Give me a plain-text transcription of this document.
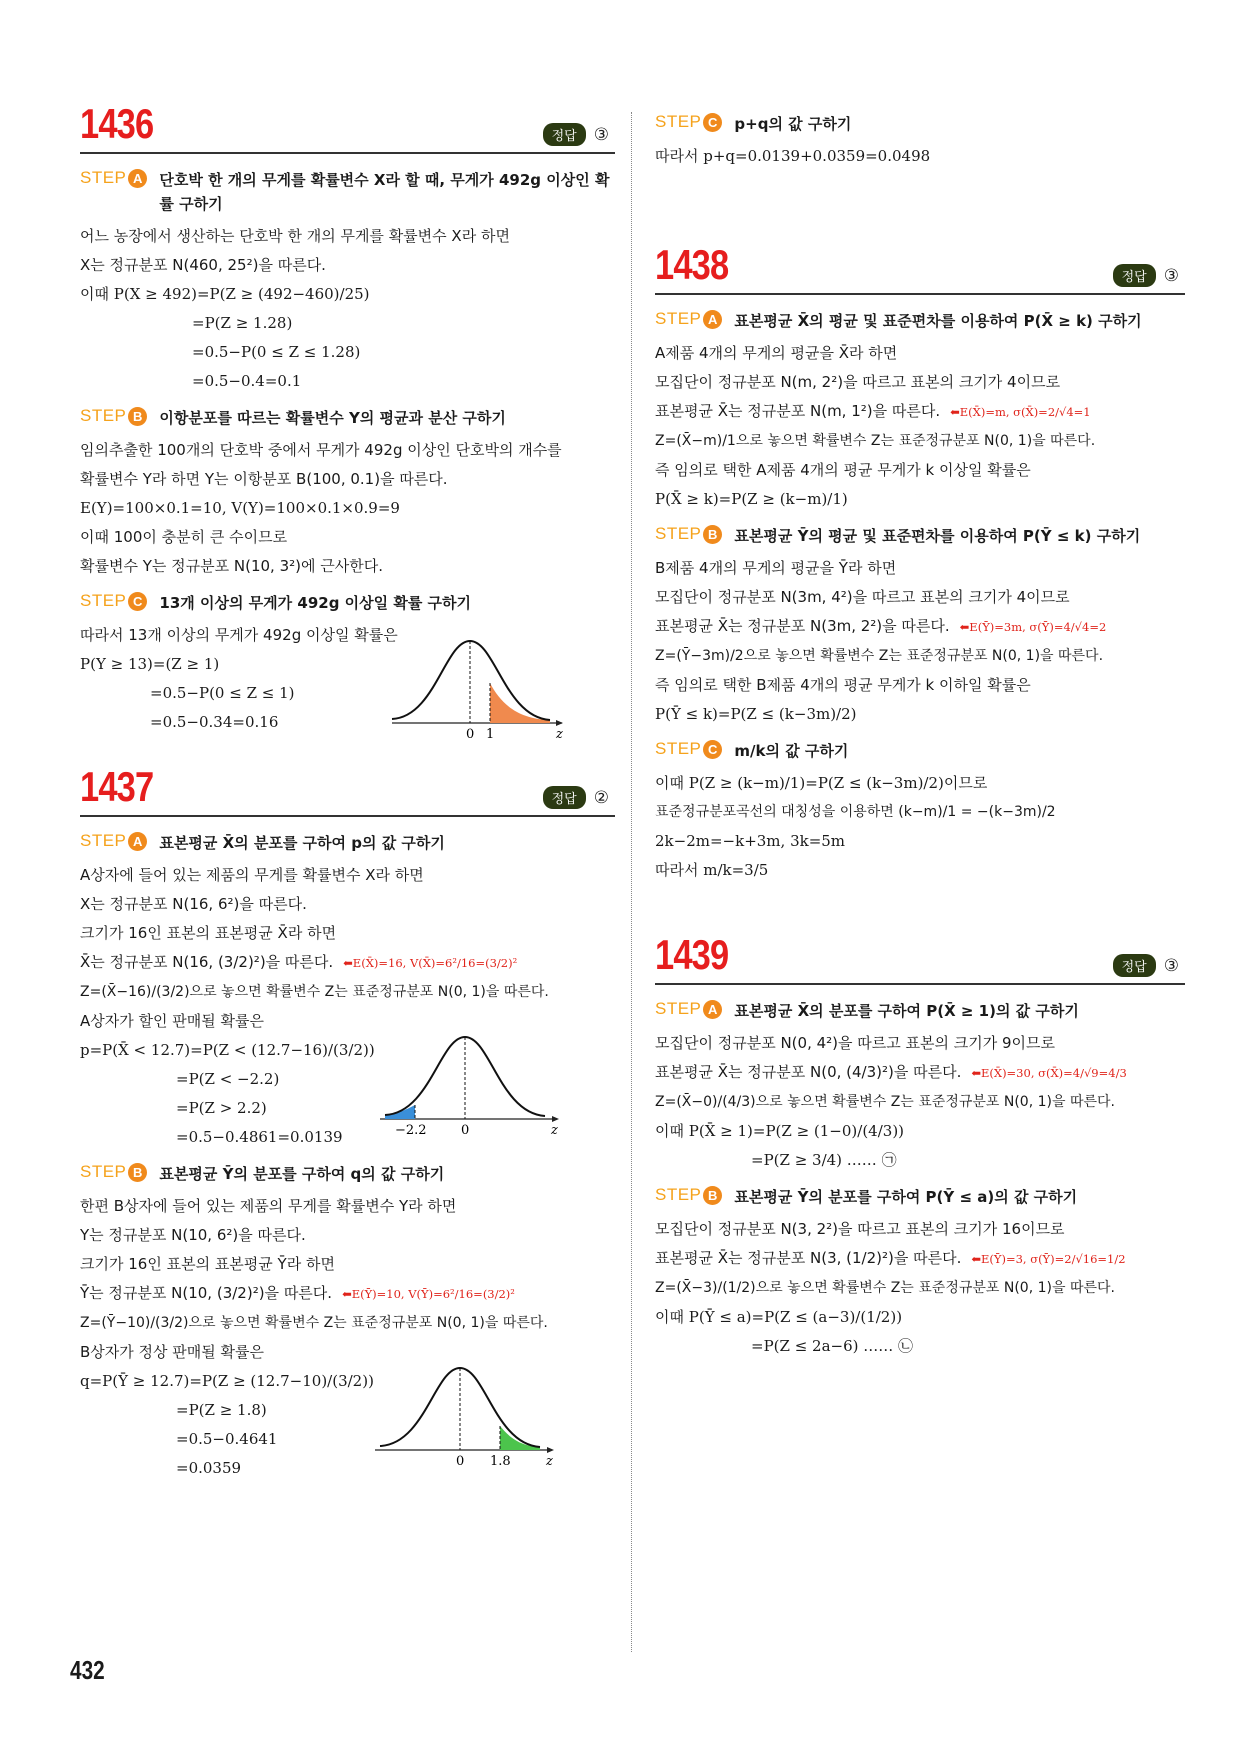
1436	정답	③
STEP A	단호박 한 개의 무게를 확률변수 X라 할 때, 무게가 492g 이상인 확률 구하기
어느 농장에서 생산하는 단호박 한 개의 무게를 확률변수 X라 하면
X는 정규분포 N(460, 25²)을 따른다.
이때 P(X ≥ 492)=P(Z ≥ (492−460)/25)
=P(Z ≥ 1.28)
=0.5−P(0 ≤ Z ≤ 1.28)
=0.5−0.4=0.1
STEP B	이항분포를 따르는 확률변수 Y의 평균과 분산 구하기
임의추출한 100개의 단호박 중에서 무게가 492g 이상인 단호박의 개수를
확률변수 Y라 하면 Y는 이항분포 B(100, 0.1)을 따른다.
E(Y)=100×0.1=10, V(Y)=100×0.1×0.9=9
이때 100이 충분히 큰 수이므로
확률변수 Y는 정규분포 N(10, 3²)에 근사한다.
STEP C	13개 이상의 무게가 492g 이상일 확률 구하기
따라서 13개 이상의 무게가 492g 이상일 확률은
P(Y ≥ 13)=(Z ≥ 1)
=0.5−P(0 ≤ Z ≤ 1)
=0.5−0.34=0.16
0 1	z
1437	정답	②
STEP A	표본평균 X̄의 분포를 구하여 p의 값 구하기
A상자에 들어 있는 제품의 무게를 확률변수 X라 하면
X는 정규분포 N(16, 6²)을 따른다.
크기가 16인 표본의 표본평균 X̄라 하면
X̄는 정규분포 N(16, (3/2)²)을 따른다. ⬅E(X̄)=16, V(X̄)=6²/16=(3/2)²
Z=(X̄−16)/(3/2)으로 놓으면 확률변수 Z는 표준정규분포 N(0, 1)을 따른다.
A상자가 할인 판매될 확률은
p=P(X̄ < 12.7)=P(Z < (12.7−16)/(3/2))
=P(Z < −2.2)
=P(Z > 2.2)
=0.5−0.4861=0.0139	−2.2	0	z
STEP B	표본평균 Ȳ의 분포를 구하여 q의 값 구하기
한편 B상자에 들어 있는 제품의 무게를 확률변수 Y라 하면
Y는 정규분포 N(10, 6²)을 따른다.
크기가 16인 표본의 표본평균 Ȳ라 하면
Ȳ는 정규분포 N(10, (3/2)²)을 따른다. ⬅E(Ȳ)=10, V(Ȳ)=6²/16=(3/2)²
Z=(Ȳ−10)/(3/2)으로 놓으면 확률변수 Z는 표준정규분포 N(0, 1)을 따른다.
B상자가 정상 판매될 확률은
q=P(Ȳ ≥ 12.7)=P(Z ≥ (12.7−10)/(3/2))
=P(Z ≥ 1.8)
=0.5−0.4641
=0.0359	0 1.8	z
432
STEP C	p+q의 값 구하기
따라서 p+q=0.0139+0.0359=0.0498
1438	정답	③
STEP A	표본평균 X̄의 평균 및 표준편차를 이용하여 P(X̄ ≥ k) 구하기
A제품 4개의 무게의 평균을 X̄라 하면
모집단이 정규분포 N(m, 2²)을 따르고 표본의 크기가 4이므로
표본평균 X̄는 정규분포 N(m, 1²)을 따른다. ⬅E(X̄)=m, σ(X̄)=2/√4=1
Z=(X̄−m)/1으로 놓으면 확률변수 Z는 표준정규분포 N(0, 1)을 따른다.
즉 임의로 택한 A제품 4개의 평균 무게가 k 이상일 확률은
P(X̄ ≥ k)=P(Z ≥ (k−m)/1)
STEP B	표본평균 Ȳ의 평균 및 표준편차를 이용하여 P(Ȳ ≤ k) 구하기
B제품 4개의 무게의 평균을 Ȳ라 하면
모집단이 정규분포 N(3m, 4²)을 따르고 표본의 크기가 4이므로
표본평균 X̄는 정규분포 N(3m, 2²)을 따른다. ⬅E(Ȳ)=3m, σ(Ȳ)=4/√4=2
Z=(Ȳ−3m)/2으로 놓으면 확률변수 Z는 표준정규분포 N(0, 1)을 따른다.
즉 임의로 택한 B제품 4개의 평균 무게가 k 이하일 확률은
P(Ȳ ≤ k)=P(Z ≤ (k−3m)/2)
STEP C	m/k의 값 구하기
이때 P(Z ≥ (k−m)/1)=P(Z ≤ (k−3m)/2)이므로
표준정규분포곡선의 대칭성을 이용하면 (k−m)/1 = −(k−3m)/2
2k−2m=−k+3m, 3k=5m
따라서 m/k=3/5
1439	정답	③
STEP A	표본평균 X̄의 분포를 구하여 P(X̄ ≥ 1)의 값 구하기
모집단이 정규분포 N(0, 4²)을 따르고 표본의 크기가 9이므로
표본평균 X̄는 정규분포 N(0, (4/3)²)을 따른다. ⬅E(X̄)=30, σ(X̄)=4/√9=4/3
Z=(X̄−0)/(4/3)으로 놓으면 확률변수 Z는 표준정규분포 N(0, 1)을 따른다.
이때 P(X̄ ≥ 1)=P(Z ≥ (1−0)/(4/3))
=P(Z ≥ 3/4) …… ㉠
STEP B	표본평균 Ȳ의 분포를 구하여 P(Ȳ ≤ a)의 값 구하기
모집단이 정규분포 N(3, 2²)을 따르고 표본의 크기가 16이므로
표본평균 X̄는 정규분포 N(3, (1/2)²)을 따른다. ⬅E(Ȳ)=3, σ(Ȳ)=2/√16=1/2
Z=(X̄−3)/(1/2)으로 놓으면 확률변수 Z는 표준정규분포 N(0, 1)을 따른다.
이때 P(Ȳ ≤ a)=P(Z ≤ (a−3)/(1/2))
=P(Z ≤ 2a−6) …… ㉡
